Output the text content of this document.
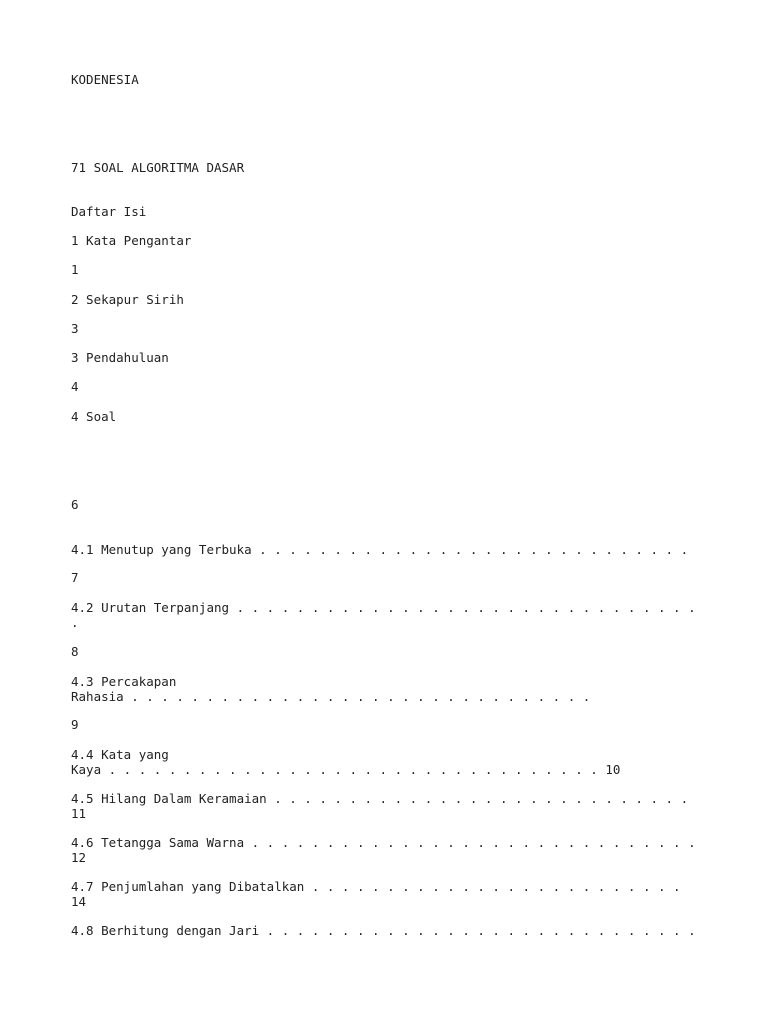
KODENESIA

71 SOAL ALGORITMA DASAR

Daftar Isi

1 Kata Pengantar

1

2 Sekapur Sirih

3

3 Pendahuluan

4

4 Soal

6

4.1 Menutup yang Terbuka . . . . . . . . . . . . . . . . . . . . . . . . . . . . .

7

4.2 Urutan Terpanjang . . . . . . . . . . . . . . . . . . . . . . . . . . . . . . .
.

8

4.3 Percakapan
Rahasia . . . . . . . . . . . . . . . . . . . . . . . . . . . . . . .

9

4.4 Kata yang
Kaya . . . . . . . . . . . . . . . . . . . . . . . . . . . . . . . . . 10

4.5 Hilang Dalam Keramaian . . . . . . . . . . . . . . . . . . . . . . . . . . . .
11

4.6 Tetangga Sama Warna . . . . . . . . . . . . . . . . . . . . . . . . . . . . . .
12

4.7 Penjumlahan yang Dibatalkan . . . . . . . . . . . . . . . . . . . . . . . . .
14

4.8 Berhitung dengan Jari . . . . . . . . . . . . . . . . . . . . . . . . . . . . .
